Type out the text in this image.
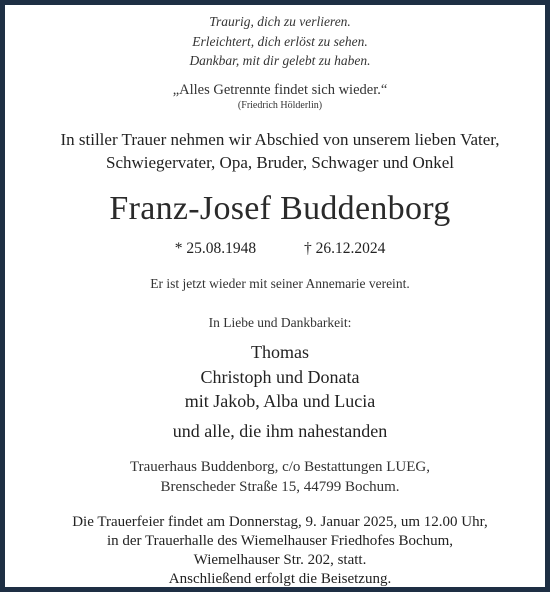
Traurig, dich zu verlieren.
Erleichtert, dich erlöst zu sehen.
Dankbar, mit dir gelebt zu haben.
„Alles Getrennte findet sich wieder.“
(Friedrich Hölderlin)
In stiller Trauer nehmen wir Abschied von unserem lieben Vater,
Schwiegervater, Opa, Bruder, Schwager und Onkel
Franz-Josef Buddenborg
* 25.08.1948	† 26.12.2024
Er ist jetzt wieder mit seiner Annemarie vereint.
In Liebe und Dankbarkeit:
Thomas
Christoph und Donata
mit Jakob, Alba und Lucia
und alle, die ihm nahestanden
Trauerhaus Buddenborg, c/o Bestattungen LUEG,
Brenscheder Straße 15, 44799 Bochum.
Die Trauerfeier findet am Donnerstag, 9. Januar 2025, um 12.00 Uhr,
in der Trauerhalle des Wiemelhauser Friedhofes Bochum,
Wiemelhauser Str. 202, statt.
Anschließend erfolgt die Beisetzung.
